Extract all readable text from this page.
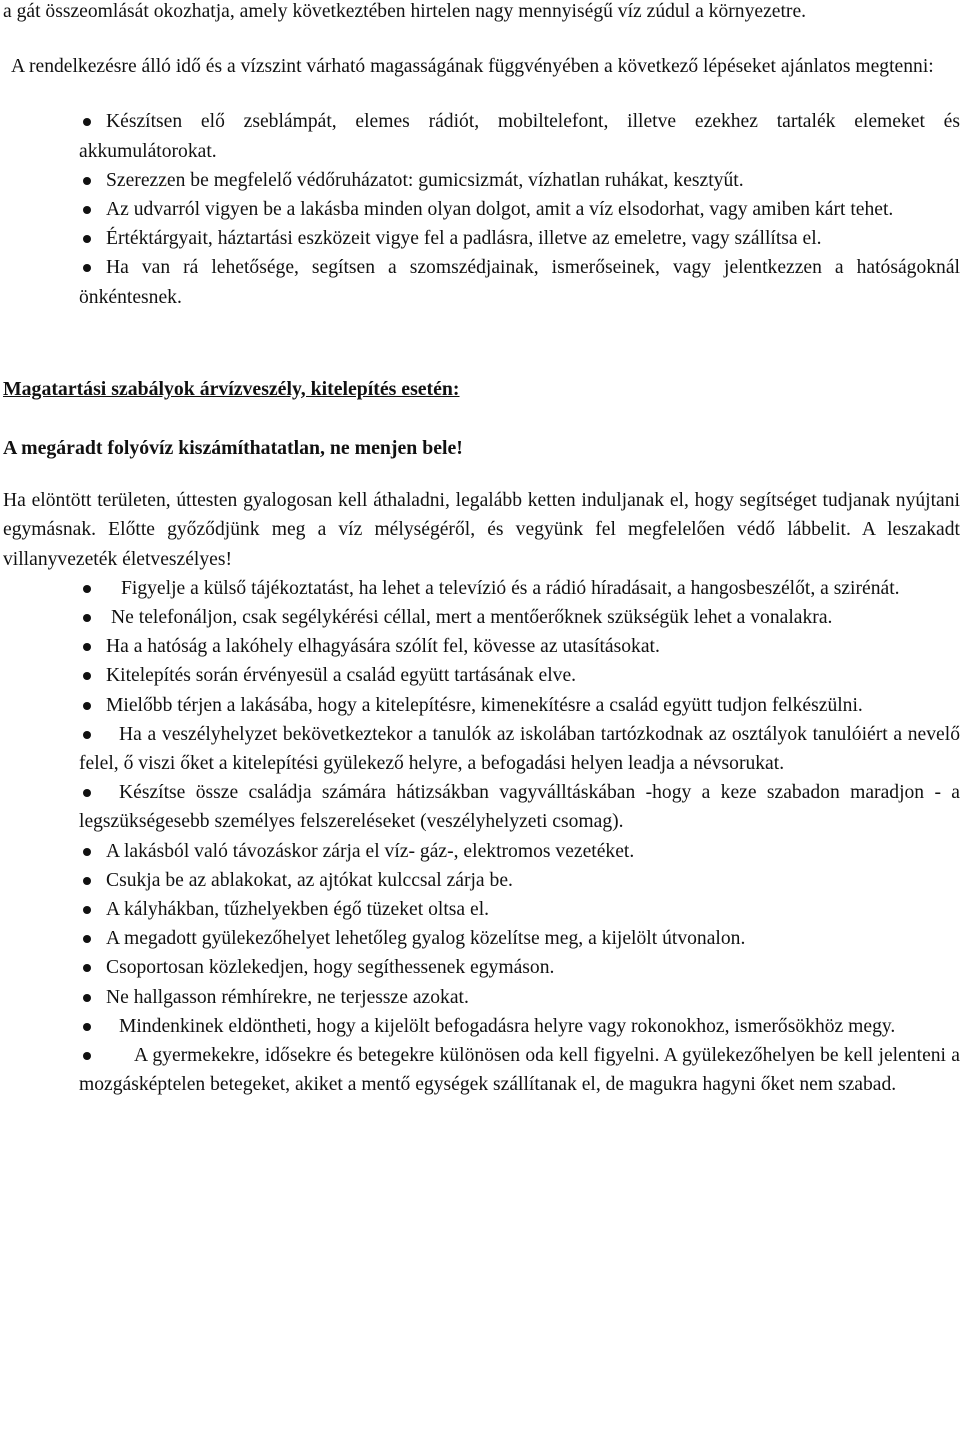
a gát összeomlását okozhatja, amely következtében hirtelen nagy mennyiségű víz zúdul a környezetre.

A rendelkezésre álló idő és a vízszint várható magasságának függvényében a következő lépéseket ajánlatos megtenni:

Készítsen elő zseblámpát, elemes rádiót, mobiltelefont, illetve ezekhez tartalék elemeket és akkumulátorokat.
Szerezzen be megfelelő védőruházatot: gumicsizmát, vízhatlan ruhákat, kesztyűt.
Az udvarról vigyen be a lakásba minden olyan dolgot, amit a víz elsodorhat, vagy amiben kárt tehet.
Értéktárgyait, háztartási eszközeit vigye fel a padlásra, illetve az emeletre, vagy szállítsa el.
Ha van rá lehetősége, segítsen a szomszédjainak, ismerőseinek, vagy jelentkezzen a hatóságoknál önkéntesnek.
Magatartási szabályok árvízveszély, kitelepítés esetén:
A megáradt folyóvíz kiszámíthatatlan, ne menjen bele!

Ha elöntött területen, úttesten gyalogosan kell áthaladni, legalább ketten induljanak el, hogy segítséget tudjanak nyújtani egymásnak. Előtte győződjünk meg a víz mélységéről, és vegyünk fel megfelelően védő lábbelit. A leszakadt villanyvezeték életveszélyes!

Figyelje a külső tájékoztatást, ha lehet a televízió és a rádió híradásait, a hangosbeszélőt, a szirénát.
Ne telefonáljon, csak segélykérési céllal, mert a mentőerőknek szükségük lehet a vonalakra.
Ha a hatóság a lakóhely elhagyására szólít fel, kövesse az utasításokat.
Kitelepítés során érvényesül a család együtt tartásának elve.
Mielőbb térjen a lakásába, hogy a kitelepítésre, kimenekítésre a család együtt tudjon felkészülni.
Ha a veszélyhelyzet bekövetkeztekor a tanulók az iskolában tartózkodnak az osztályok tanulóiért a nevelő felel, ő viszi őket a kitelepítési gyülekező helyre, a befogadási helyen leadja a névsorukat.
Készítse össze családja számára hátizsákban vagyválltáskában -hogy a keze szabadon maradjon - a legszükségesebb személyes felszereléseket (veszélyhelyzeti csomag).
A lakásból való távozáskor zárja el víz- gáz-, elektromos vezetéket.
Csukja be az ablakokat, az ajtókat kulccsal zárja be.
A kályhákban, tűzhelyekben égő tüzeket oltsa el.
A megadott gyülekezőhelyet lehetőleg gyalog közelítse meg, a kijelölt útvonalon.
Csoportosan közlekedjen, hogy segíthessenek egymáson.
Ne hallgasson rémhírekre, ne terjessze azokat.
Mindenkinek eldöntheti, hogy a kijelölt befogadásra helyre vagy rokonokhoz, ismerősökhöz megy.
A gyermekekre, idősekre és betegekre különösen oda kell figyelni. A gyülekezőhelyen be kell jelenteni a mozgásképtelen betegeket, akiket a mentő egységek szállítanak el, de magukra hagyni őket nem szabad.
